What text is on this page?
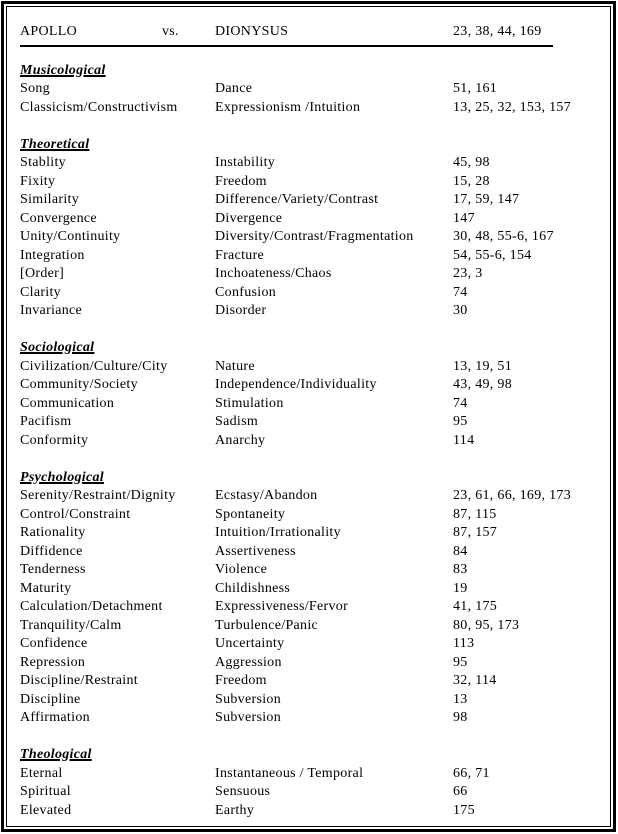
APOLLO	vs.	DIONYSUS	23, 38, 44, 169
Musicological
Song	Dance	51, 161
Classicism/Constructivism	Expressionism /Intuition	13, 25, 32, 153, 157
Theoretical
Stablity	Instability	45, 98
Fixity	Freedom	15, 28
Similarity	Difference/Variety/Contrast	17, 59, 147
Convergence	Divergence	147
Unity/Continuity	Diversity/Contrast/Fragmentation	30, 48, 55-6, 167
Integration	Fracture	54, 55-6, 154
[Order]	Inchoateness/Chaos	23, 3
Clarity	Confusion	74
Invariance	Disorder	30
Sociological
Civilization/Culture/City	Nature	13, 19, 51
Community/Society	Independence/Individuality	43, 49, 98
Communication	Stimulation	74
Pacifism	Sadism	95
Conformity	Anarchy	114
Psychological
Serenity/Restraint/Dignity	Ecstasy/Abandon	23, 61, 66, 169, 173
Control/Constraint	Spontaneity	87, 115
Rationality	Intuition/Irrationality	87, 157
Diffidence	Assertiveness	84
Tenderness	Violence	83
Maturity	Childishness	19
Calculation/Detachment	Expressiveness/Fervor	41, 175
Tranquility/Calm	Turbulence/Panic	80, 95, 173
Confidence	Uncertainty	113
Repression	Aggression	95
Discipline/Restraint	Freedom	32, 114
Discipline	Subversion	13
Affirmation	Subversion	98
Theological
Eternal	Instantaneous / Temporal	66, 71
Spiritual	Sensuous	66
Elevated	Earthy	175
